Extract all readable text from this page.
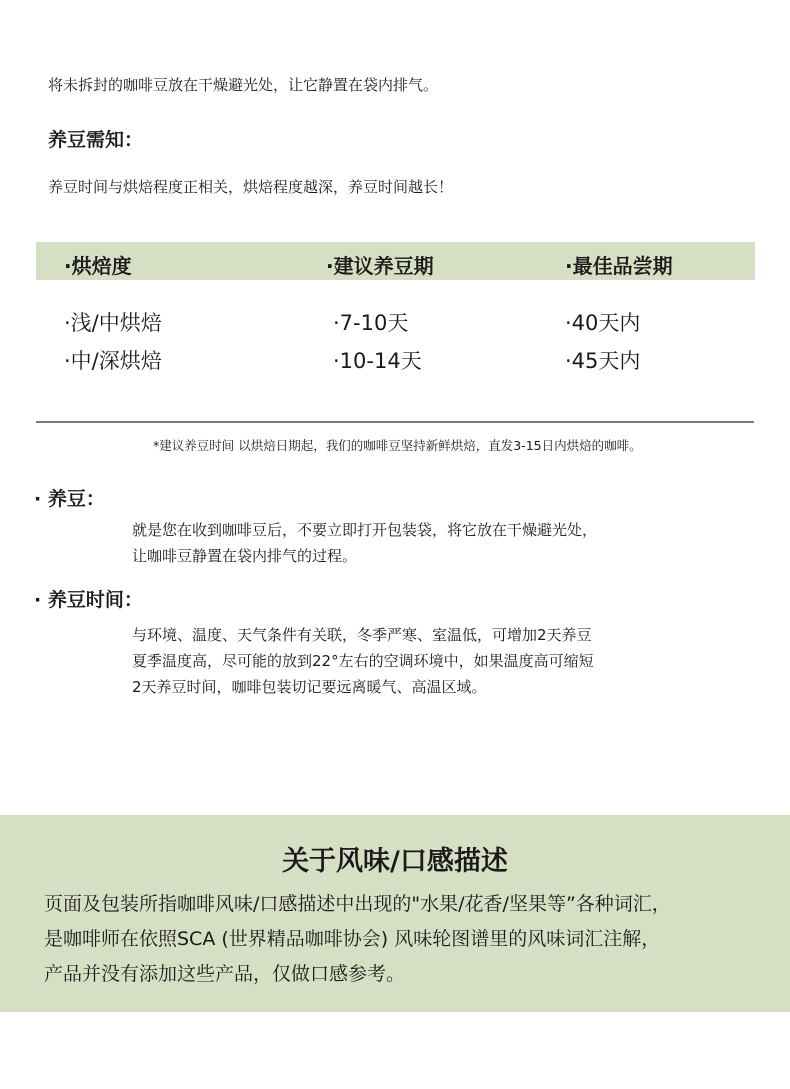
将未拆封的咖啡豆放在干燥避光处，让它静置在袋内排气。
养豆需知：
养豆时间与烘焙程度正相关，烘焙程度越深，养豆时间越长！
·烘焙度	·建议养豆期	·最佳品尝期
·浅/中烘焙	·7-10天	·40天内
·中/深烘焙	·10-14天	·45天内
*建议养豆时间 以烘焙日期起，我们的咖啡豆坚持新鲜烘焙，直发3-15日内烘焙的咖啡。
· 养豆：
就是您在收到咖啡豆后，不要立即打开包装袋，将它放在干燥避光处，
让咖啡豆静置在袋内排气的过程。
· 养豆时间：
与环境、温度、天气条件有关联，冬季严寒、室温低，可增加2天养豆
夏季温度高，尽可能的放到22°左右的空调环境中，如果温度高可缩短
2天养豆时间，咖啡包装切记要远离暖气、高温区域。
关于风味/口感描述
页面及包装所指咖啡风味/口感描述中出现的"水果/花香/坚果等”各种词汇，
是咖啡师在依照SCA (世界精品咖啡协会) 风味轮图谱里的风味词汇注解，
产品并没有添加这些产品，仅做口感参考。
